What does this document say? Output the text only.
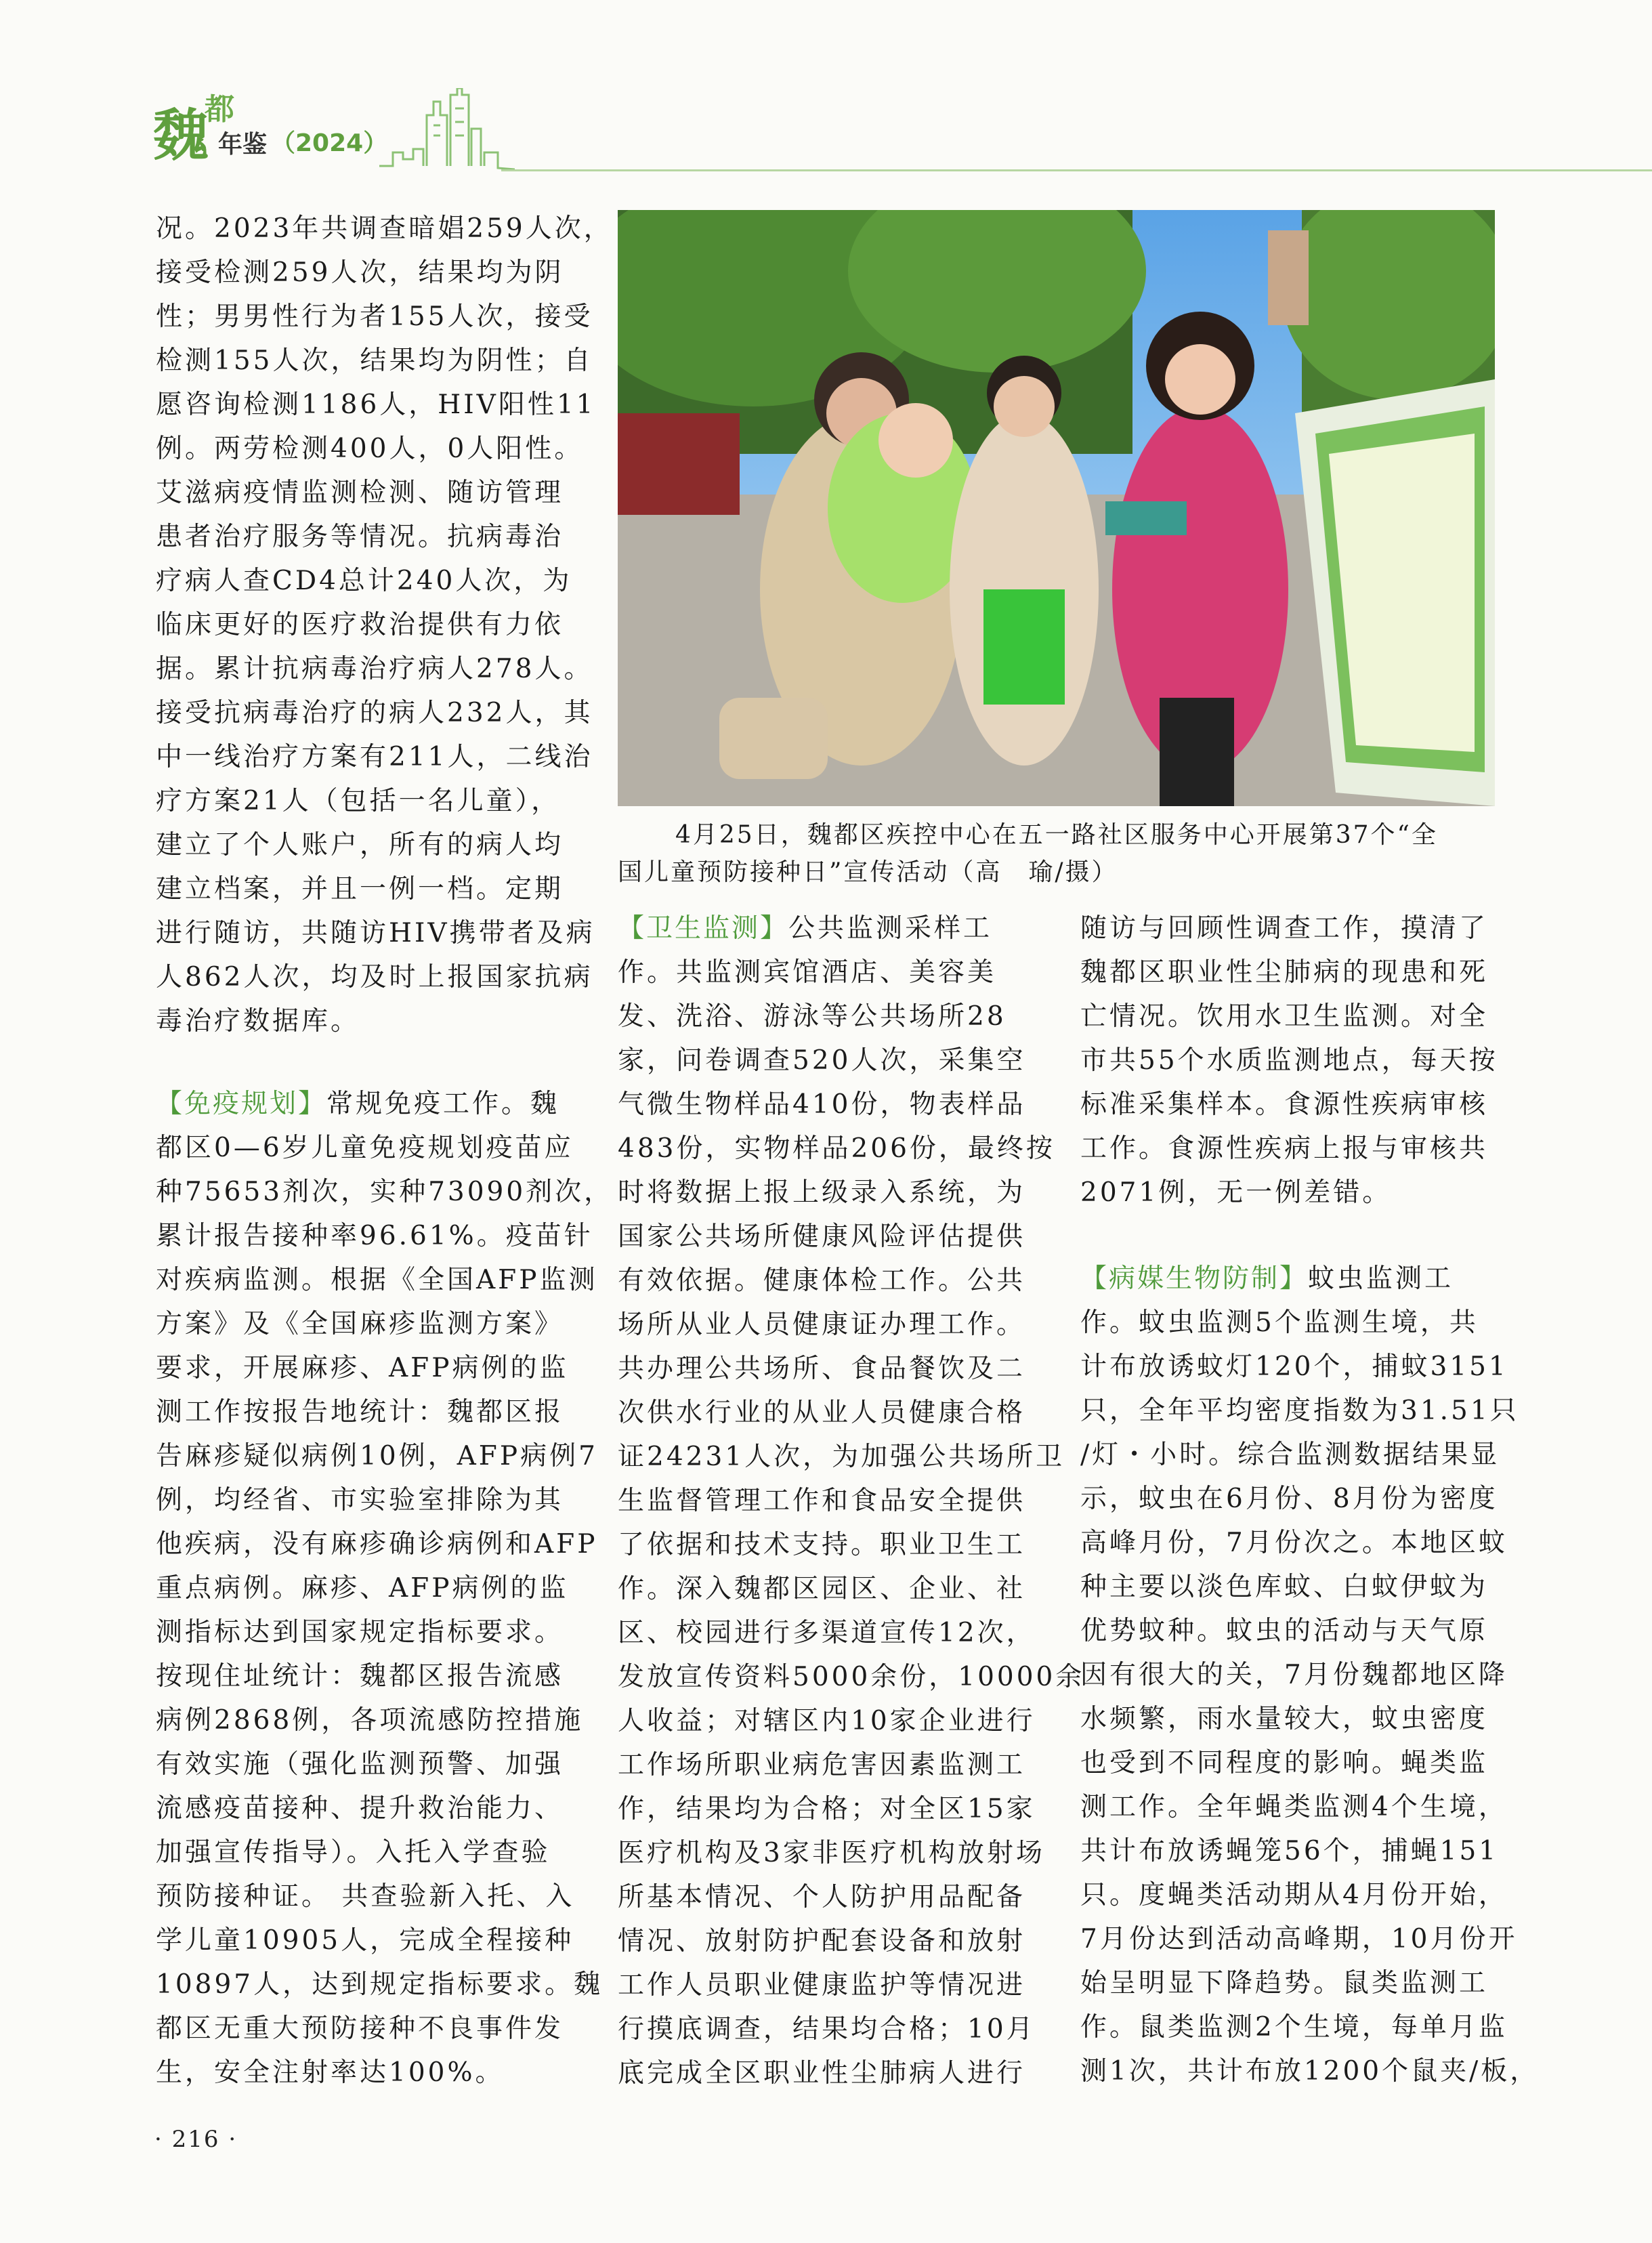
魏
都
年鉴 （2024）
况。2023年共调查暗娼259人次，
接受检测259人次，结果均为阴
性；男男性行为者155人次，接受
检测155人次，结果均为阴性；自
愿咨询检测1186人，HIV阳性11
例。两劳检测400人，0人阳性。
艾滋病疫情监测检测、随访管理
患者治疗服务等情况。抗病毒治
疗病人查CD4总计240人次，为
临床更好的医疗救治提供有力依
据。累计抗病毒治疗病人278人。
接受抗病毒治疗的病人232人，其
中一线治疗方案有211人，二线治
疗方案21人（包括一名儿童），
建立了个人账户，所有的病人均
建立档案，并且一例一档。定期
进行随访，共随访HIV携带者及病
人862人次，均及时上报国家抗病
毒治疗数据库。
【免疫规划】常规免疫工作。魏
都区0—6岁儿童免疫规划疫苗应
种75653剂次，实种73090剂次，
累计报告接种率96.61%。疫苗针
对疾病监测。根据《全国AFP监测
方案》及《全国麻疹监测方案》
要求，开展麻疹、AFP病例的监
测工作按报告地统计：魏都区报
告麻疹疑似病例10例，AFP病例7
例，均经省、市实验室排除为其
他疾病，没有麻疹确诊病例和AFP
重点病例。麻疹、AFP病例的监
测指标达到国家规定指标要求。
按现住址统计：魏都区报告流感
病例2868例，各项流感防控措施
有效实施（强化监测预警、加强
流感疫苗接种、提升救治能力、
加强宣传指导）。入托入学查验
预防接种证。 共查验新入托、入
学儿童10905人，完成全程接种
10897人，达到规定指标要求。魏
都区无重大预防接种不良事件发
生，安全注射率达100%。
4月25日，魏都区疾控中心在五一路社区服务中心开展第37个“全
国儿童预防接种日”宣传活动（高　瑜/摄）
【卫生监测】公共监测采样工
作。共监测宾馆酒店、美容美
发、洗浴、游泳等公共场所28
家，问卷调查520人次，采集空
气微生物样品410份，物表样品
483份，实物样品206份，最终按
时将数据上报上级录入系统，为
国家公共场所健康风险评估提供
有效依据。健康体检工作。公共
场所从业人员健康证办理工作。
共办理公共场所、食品餐饮及二
次供水行业的从业人员健康合格
证24231人次，为加强公共场所卫
生监督管理工作和食品安全提供
了依据和技术支持。职业卫生工
作。深入魏都区园区、企业、社
区、校园进行多渠道宣传12次，
发放宣传资料5000余份，10000余
人收益；对辖区内10家企业进行
工作场所职业病危害因素监测工
作，结果均为合格；对全区15家
医疗机构及3家非医疗机构放射场
所基本情况、个人防护用品配备
情况、放射防护配套设备和放射
工作人员职业健康监护等情况进
行摸底调查，结果均合格；10月
底完成全区职业性尘肺病人进行
随访与回顾性调查工作，摸清了
魏都区职业性尘肺病的现患和死
亡情况。饮用水卫生监测。对全
市共55个水质监测地点，每天按
标准采集样本。食源性疾病审核
工作。食源性疾病上报与审核共
2071例，无一例差错。
【病媒生物防制】蚊虫监测工
作。蚊虫监测5个监测生境，共
计布放诱蚊灯120个，捕蚊3151
只，全年平均密度指数为31.51只
/灯・小时。综合监测数据结果显
示，蚊虫在6月份、8月份为密度
高峰月份，7月份次之。本地区蚊
种主要以淡色库蚊、白蚊伊蚊为
优势蚊种。蚊虫的活动与天气原
因有很大的关，7月份魏都地区降
水频繁，雨水量较大，蚊虫密度
也受到不同程度的影响。蝇类监
测工作。全年蝇类监测4个生境，
共计布放诱蝇笼56个，捕蝇151
只。度蝇类活动期从4月份开始，
7月份达到活动高峰期，10月份开
始呈明显下降趋势。鼠类监测工
作。鼠类监测2个生境，每单月监
测1次，共计布放1200个鼠夹/板，
· 216 ·
